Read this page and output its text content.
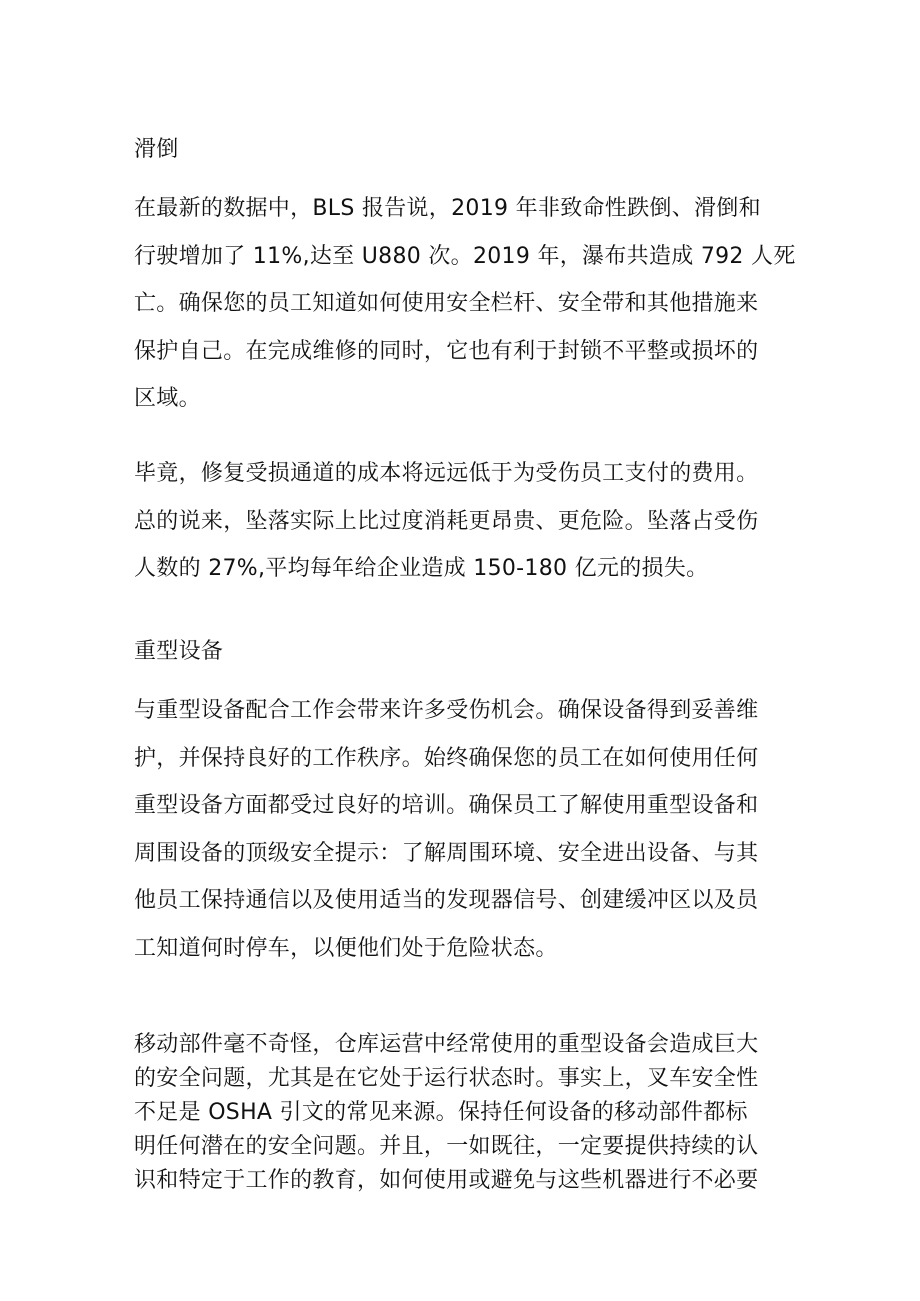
滑倒
在最新的数据中，BLS 报告说，2019 年非致命性跌倒、滑倒和
行驶增加了 11%,达至 U880 次。2019 年，瀑布共造成 792 人死
亡。确保您的员工知道如何使用安全栏杆、安全带和其他措施来
保护自己。在完成维修的同时，它也有利于封锁不平整或损坏的
区域。
毕竟，修复受损通道的成本将远远低于为受伤员工支付的费用。
总的说来，坠落实际上比过度消耗更昂贵、更危险。坠落占受伤
人数的 27%,平均每年给企业造成 150-180 亿元的损失。
重型设备
与重型设备配合工作会带来许多受伤机会。确保设备得到妥善维
护，并保持良好的工作秩序。始终确保您的员工在如何使用任何
重型设备方面都受过良好的培训。确保员工了解使用重型设备和
周围设备的顶级安全提示：了解周围环境、安全进出设备、与其
他员工保持通信以及使用适当的发现器信号、创建缓冲区以及员
工知道何时停车，以便他们处于危险状态。
移动部件毫不奇怪，仓库运营中经常使用的重型设备会造成巨大
的安全问题，尤其是在它处于运行状态时。事实上，叉车安全性
不足是 OSHA 引文的常见来源。保持任何设备的移动部件都标
明任何潜在的安全问题。并且，一如既往，一定要提供持续的认
识和特定于工作的教育，如何使用或避免与这些机器进行不必要
